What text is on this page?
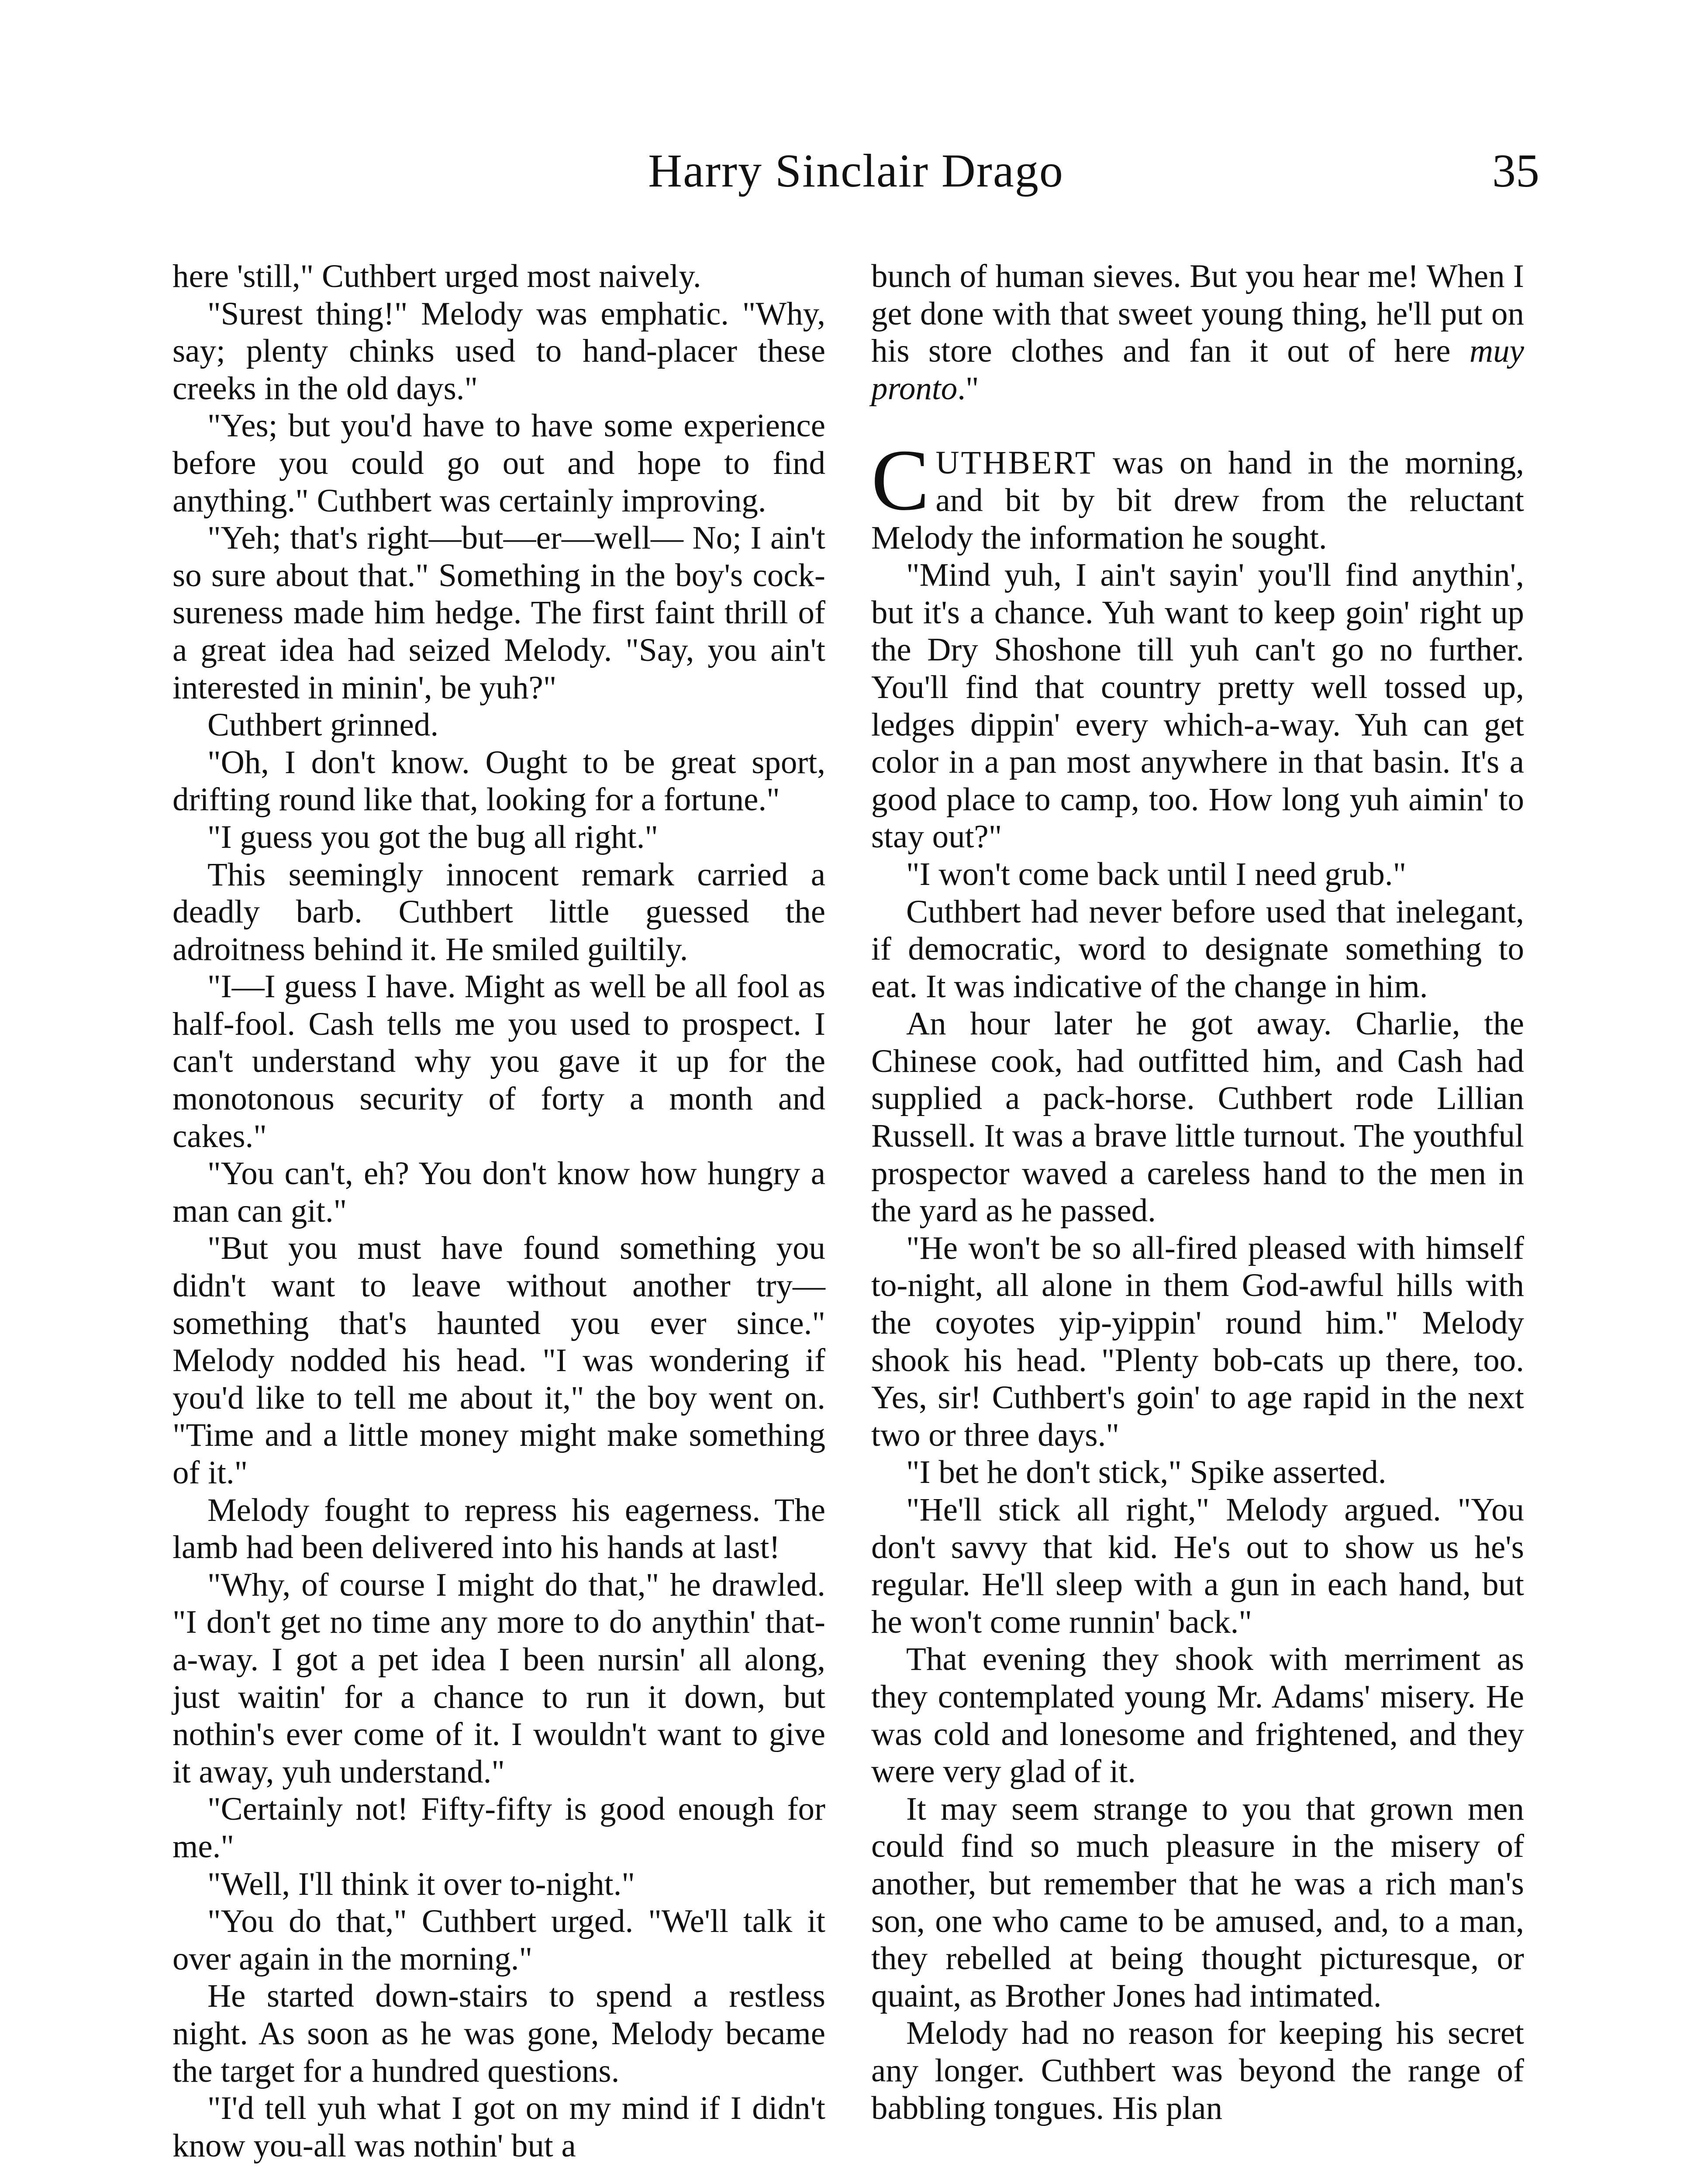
Harry Sinclair Drago	35

here 'still," Cuthbert urged most naively.

"Surest thing!" Melody was emphatic. "Why, say; plenty chinks used to hand-placer these creeks in the old days."

"Yes; but you'd have to have some experience before you could go out and hope to find anything." Cuthbert was certainly improving.

"Yeh; that's right—but—er—well— No; I ain't so sure about that." Something in the boy's cock-sureness made him hedge. The first faint thrill of a great idea had seized Melody. "Say, you ain't interested in minin', be yuh?"

Cuthbert grinned.

"Oh, I don't know. Ought to be great sport, drifting round like that, looking for a fortune."

"I guess you got the bug all right."

This seemingly innocent remark carried a deadly barb. Cuthbert little guessed the adroitness behind it. He smiled guiltily.

"I—I guess I have. Might as well be all fool as half-fool. Cash tells me you used to prospect. I can't understand why you gave it up for the monotonous security of forty a month and cakes."

"You can't, eh? You don't know how hungry a man can git."

"But you must have found something you didn't want to leave without another try—something that's haunted you ever since." Melody nodded his head. "I was wondering if you'd like to tell me about it," the boy went on. "Time and a little money might make something of it."

Melody fought to repress his eagerness. The lamb had been delivered into his hands at last!

"Why, of course I might do that," he drawled. "I don't get no time any more to do anythin' that-a-way. I got a pet idea I been nursin' all along, just waitin' for a chance to run it down, but nothin's ever come of it. I wouldn't want to give it away, yuh understand."

"Certainly not! Fifty-fifty is good enough for me."

"Well, I'll think it over to-night."

"You do that," Cuthbert urged. "We'll talk it over again in the morning."

He started down-stairs to spend a restless night. As soon as he was gone, Melody became the target for a hundred questions.

"I'd tell yuh what I got on my mind if I didn't know you-all was nothin' but a

bunch of human sieves. But you hear me! When I get done with that sweet young thing, he'll put on his store clothes and fan it out of here muy pronto."

CUTHBERT was on hand in the morning, and bit by bit drew from the reluctant Melody the information he sought.

"Mind yuh, I ain't sayin' you'll find anythin', but it's a chance. Yuh want to keep goin' right up the Dry Shoshone till yuh can't go no further. You'll find that country pretty well tossed up, ledges dippin' every which-a-way. Yuh can get color in a pan most anywhere in that basin. It's a good place to camp, too. How long yuh aimin' to stay out?"

"I won't come back until I need grub."

Cuthbert had never before used that inelegant, if democratic, word to designate something to eat. It was indicative of the change in him.

An hour later he got away. Charlie, the Chinese cook, had outfitted him, and Cash had supplied a pack-horse. Cuthbert rode Lillian Russell. It was a brave little turnout. The youthful prospector waved a careless hand to the men in the yard as he passed.

"He won't be so all-fired pleased with himself to-night, all alone in them God-awful hills with the coyotes yip-yippin' round him." Melody shook his head. "Plenty bob-cats up there, too. Yes, sir! Cuthbert's goin' to age rapid in the next two or three days."

"I bet he don't stick," Spike asserted.

"He'll stick all right," Melody argued. "You don't savvy that kid. He's out to show us he's regular. He'll sleep with a gun in each hand, but he won't come runnin' back."

That evening they shook with merriment as they contemplated young Mr. Adams' misery. He was cold and lonesome and frightened, and they were very glad of it.

It may seem strange to you that grown men could find so much pleasure in the misery of another, but remember that he was a rich man's son, one who came to be amused, and, to a man, they rebelled at being thought picturesque, or quaint, as Brother Jones had intimated.

Melody had no reason for keeping his secret any longer. Cuthbert was beyond the range of babbling tongues. His plan
